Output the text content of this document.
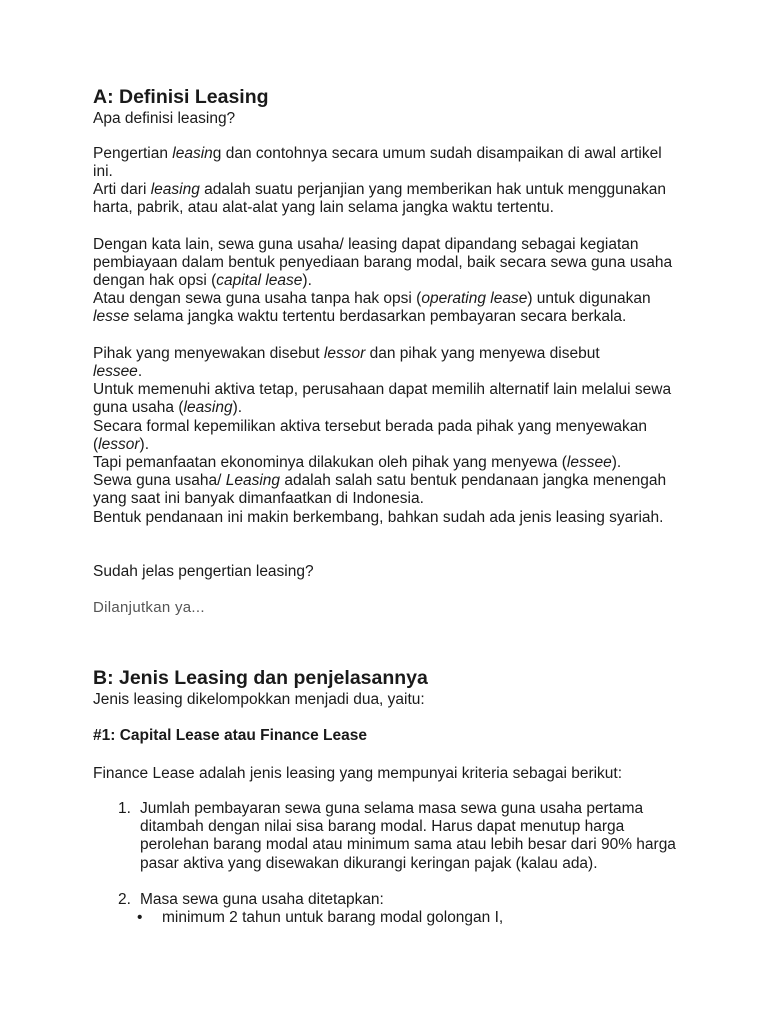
A: Definisi Leasing

Apa definisi leasing?

Pengertian leasing dan contohnya secara umum sudah disampaikan di awal artikel ini.

Arti dari leasing adalah suatu perjanjian yang memberikan hak untuk menggunakan harta, pabrik, atau alat-alat yang lain selama jangka waktu tertentu.

Dengan kata lain, sewa guna usaha/ leasing dapat dipandang sebagai kegiatan pembiayaan dalam bentuk penyediaan barang modal, baik secara sewa guna usaha dengan hak opsi (capital lease).

Atau dengan sewa guna usaha tanpa hak opsi (operating lease) untuk digunakan lesse selama jangka waktu tertentu berdasarkan pembayaran secara berkala.

Pihak yang menyewakan disebut lessor dan pihak yang menyewa disebut
lessee.

Untuk memenuhi aktiva tetap, perusahaan dapat memilih alternatif lain melalui sewa guna usaha (leasing).

Secara formal kepemilikan aktiva tersebut berada pada pihak yang menyewakan (lessor).

Tapi pemanfaatan ekonominya dilakukan oleh pihak yang menyewa (lessee).

Sewa guna usaha/ Leasing adalah salah satu bentuk pendanaan jangka menengah yang saat ini banyak dimanfaatkan di Indonesia.

Bentuk pendanaan ini makin berkembang, bahkan sudah ada jenis leasing syariah.

Sudah jelas pengertian leasing?

Dilanjutkan ya...
B: Jenis Leasing dan penjelasannya

Jenis leasing dikelompokkan menjadi dua, yaitu:

#1: Capital Lease atau Finance Lease

Finance Lease adalah jenis leasing yang mempunyai kriteria sebagai berikut:

1. Jumlah pembayaran sewa guna selama masa sewa guna usaha pertama ditambah dengan nilai sisa barang modal. Harus dapat menutup harga perolehan barang modal atau minimum sama atau lebih besar dari 90% harga pasar aktiva yang disewakan dikurangi keringan pajak (kalau ada).
2. Masa sewa guna usaha ditetapkan:
• minimum 2 tahun untuk barang modal golongan I,
